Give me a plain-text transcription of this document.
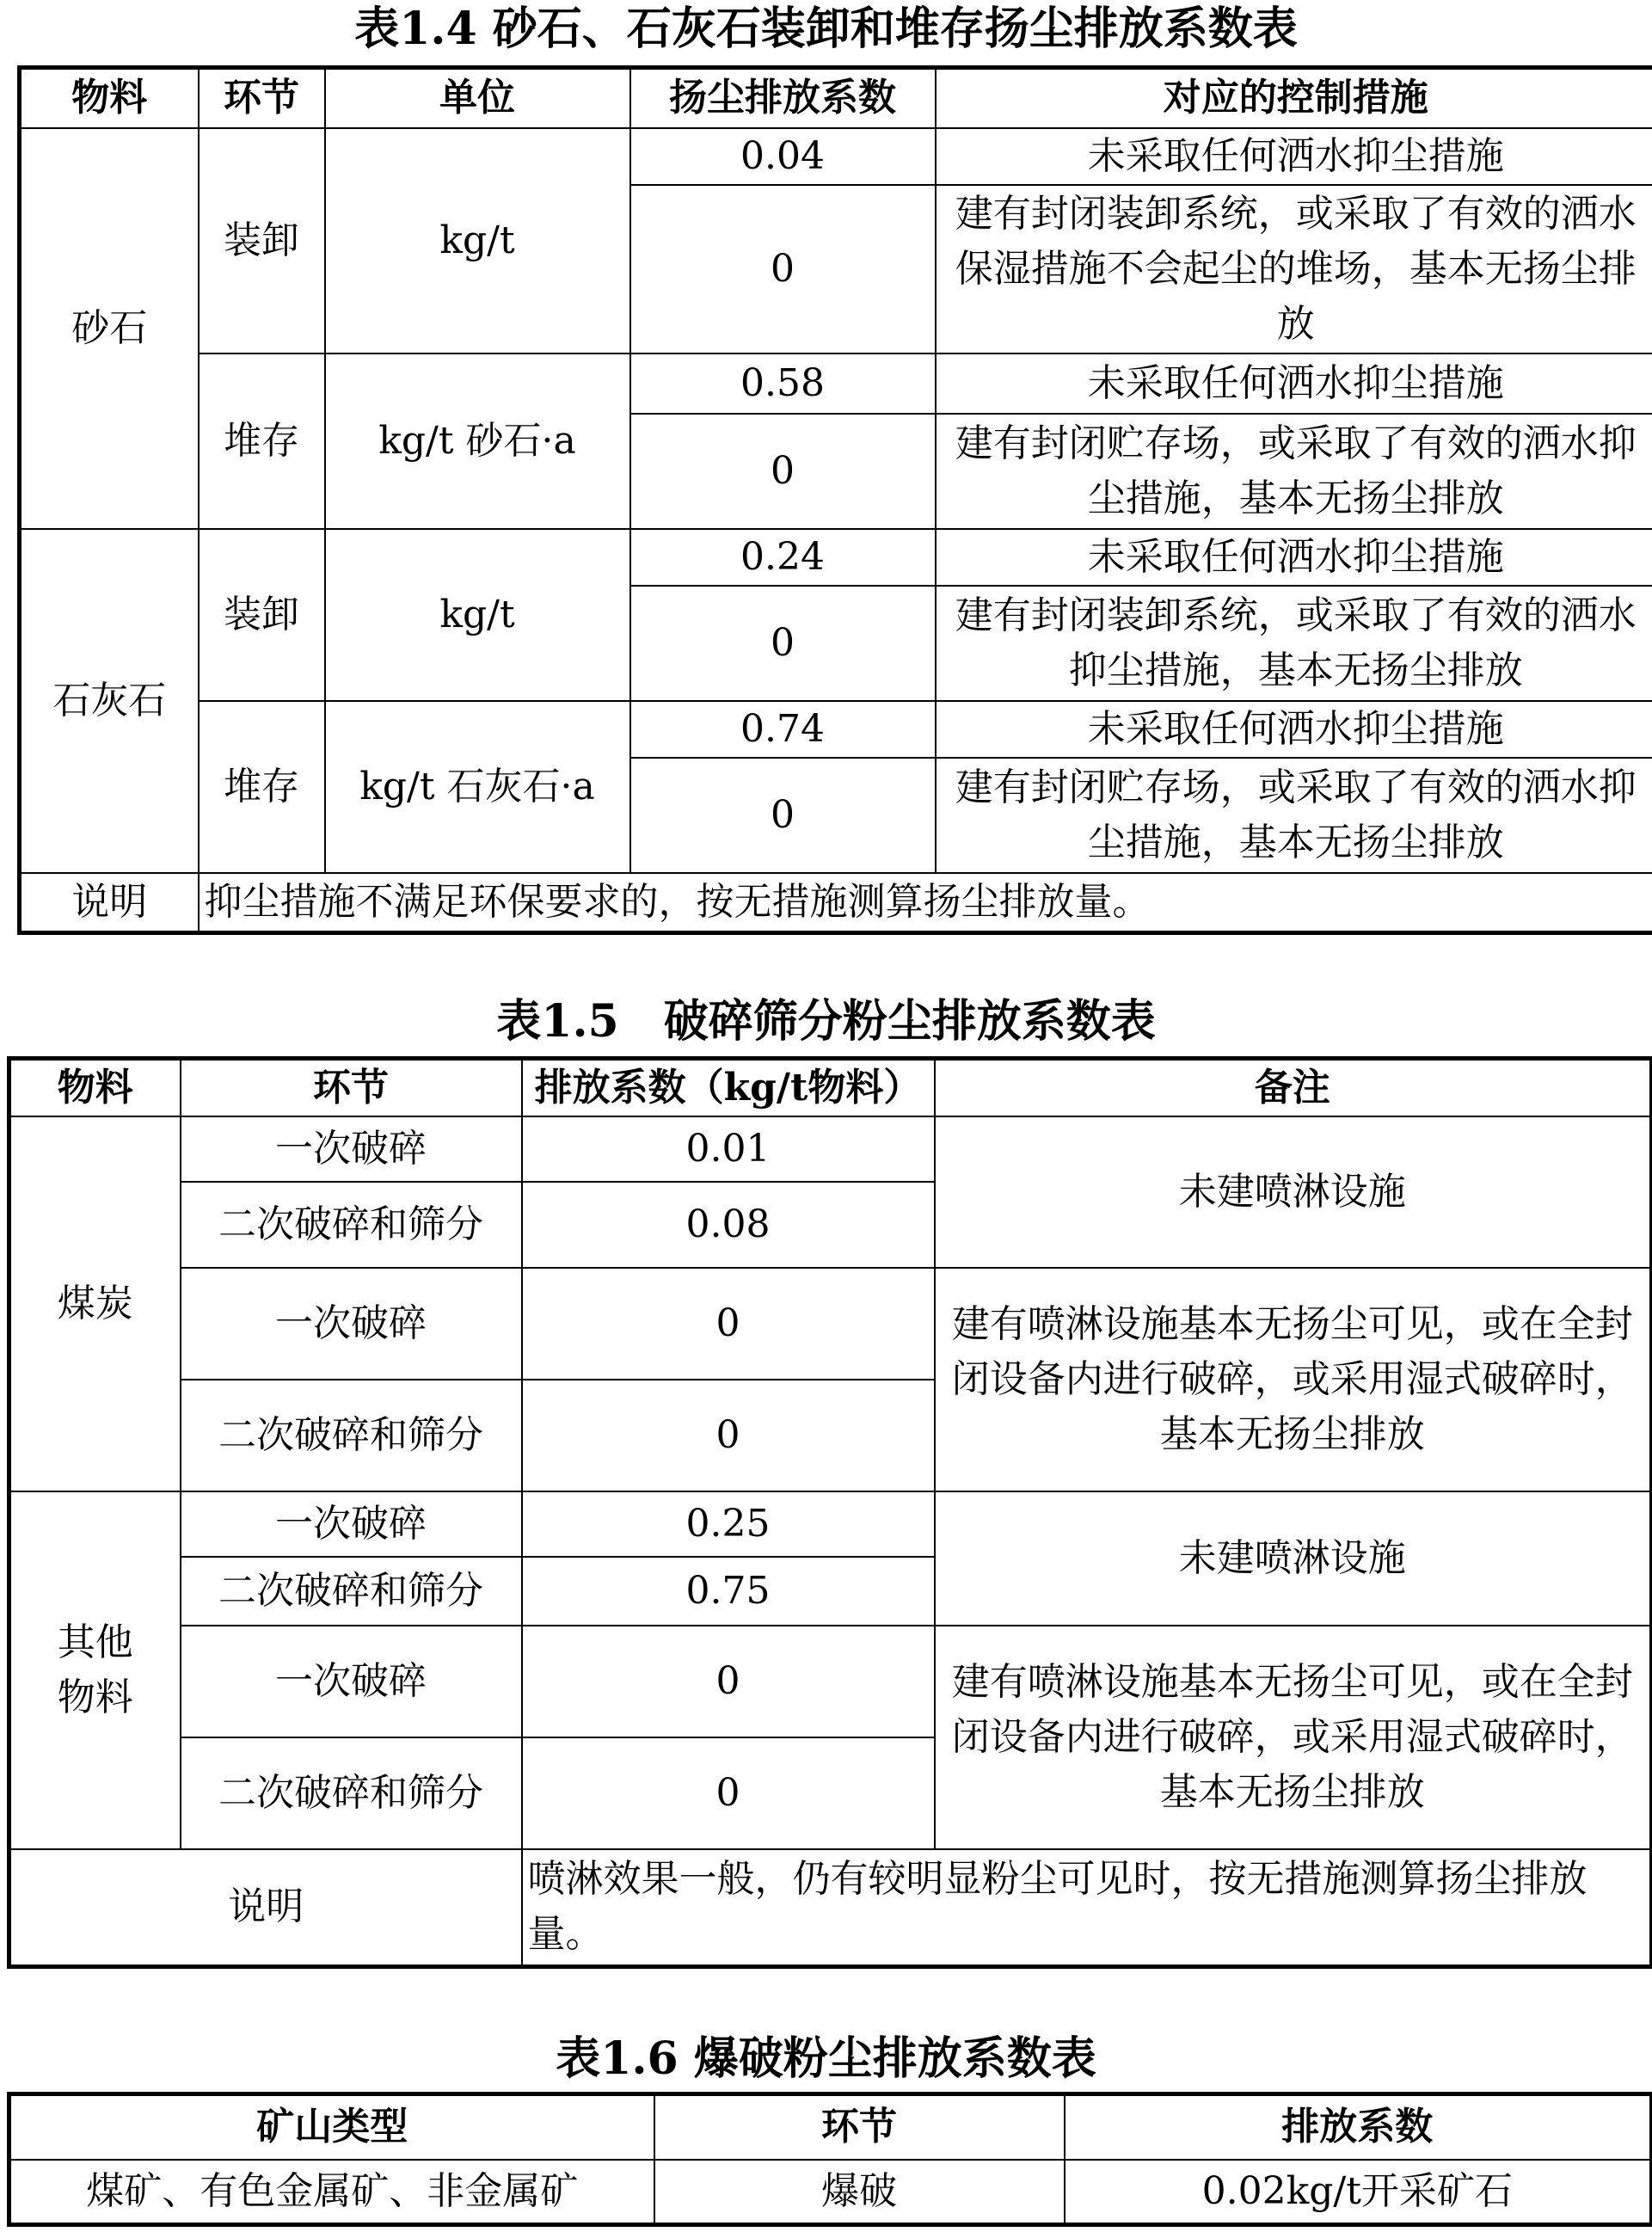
表1.4 砂石、石灰石装卸和堆存扬尘排放系数表
物料	环节	单位	扬尘排放系数	对应的控制措施
砂石	装卸	kg/t	0.04	未采取任何洒水抑尘措施
			0	建有封闭装卸系统，或采取了有效的洒水保湿措施不会起尘的堆场，基本无扬尘排放
	堆存	kg/t 砂石·a	0.58	未采取任何洒水抑尘措施
			0	建有封闭贮存场，或采取了有效的洒水抑尘措施，基本无扬尘排放
石灰石	装卸	kg/t	0.24	未采取任何洒水抑尘措施
			0	建有封闭装卸系统，或采取了有效的洒水抑尘措施，基本无扬尘排放
	堆存	kg/t 石灰石·a	0.74	未采取任何洒水抑尘措施
			0	建有封闭贮存场，或采取了有效的洒水抑尘措施，基本无扬尘排放
说明	抑尘措施不满足环保要求的，按无措施测算扬尘排放量。			
表1.5　破碎筛分粉尘排放系数表
物料	环节	排放系数（kg/t物料）	备注
煤炭	一次破碎	0.01	未建喷淋设施
	二次破碎和筛分	0.08	
	一次破碎	0	建有喷淋设施基本无扬尘可见，或在全封闭设备内进行破碎，或采用湿式破碎时，基本无扬尘排放
	二次破碎和筛分	0	
其他物料	一次破碎	0.25	未建喷淋设施
	二次破碎和筛分	0.75	
	一次破碎	0	建有喷淋设施基本无扬尘可见，或在全封闭设备内进行破碎，或采用湿式破碎时，基本无扬尘排放
	二次破碎和筛分	0	
说明		喷淋效果一般，仍有较明显粉尘可见时，按无措施测算扬尘排放量。	
表1.6 爆破粉尘排放系数表
矿山类型	环节	排放系数
煤矿、有色金属矿、非金属矿	爆破	0.02kg/t开采矿石
